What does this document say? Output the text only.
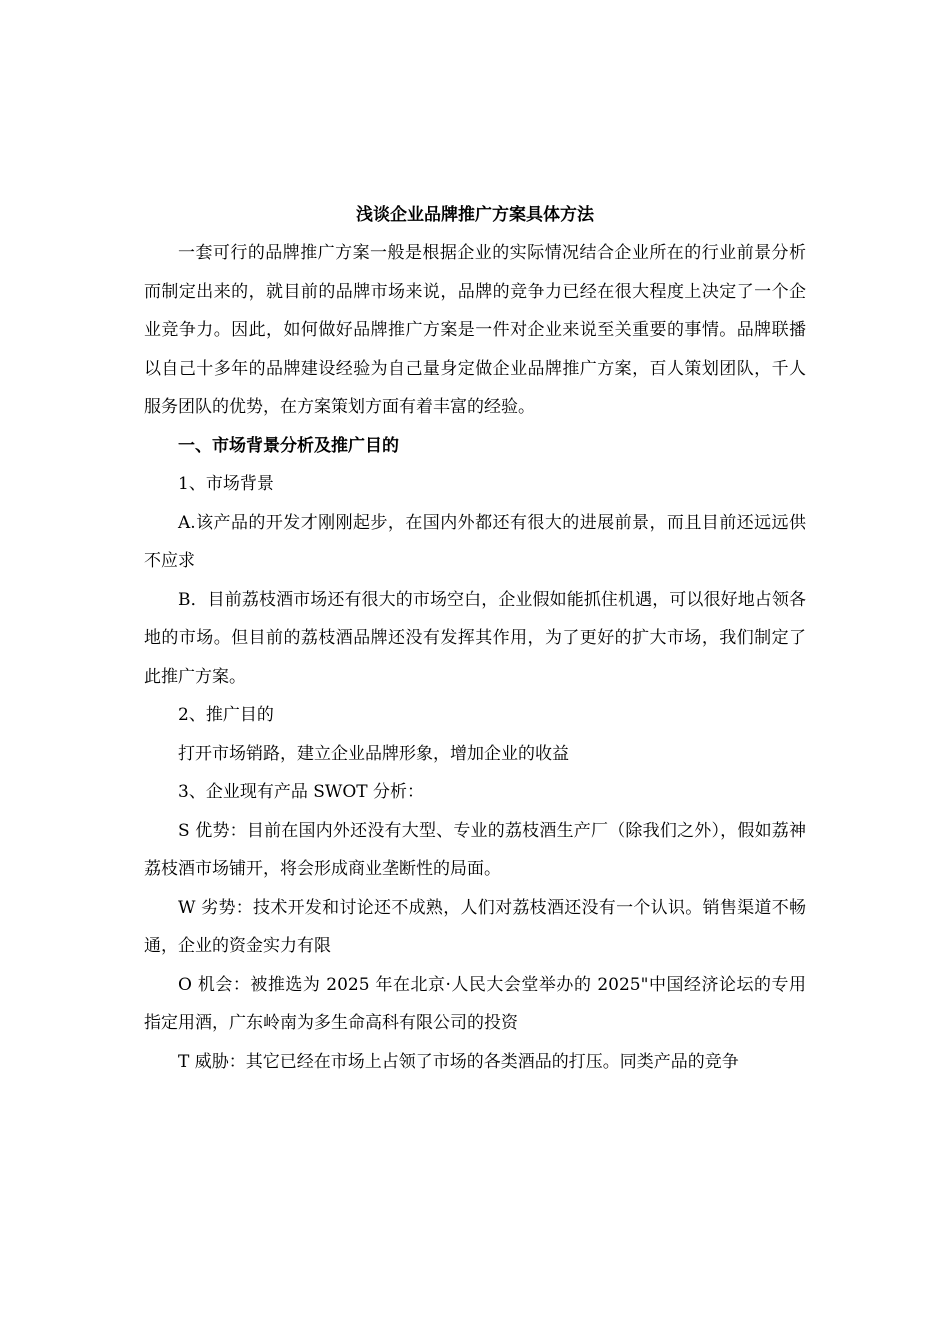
浅谈企业品牌推广方案具体方法

一套可行的品牌推广方案一般是根据企业的实际情况结合企业所在的行业前景分析而制定出来的，就目前的品牌市场来说，品牌的竞争力已经在很大程度上决定了一个企业竞争力。因此，如何做好品牌推广方案是一件对企业来说至关重要的事情。品牌联播以自己十多年的品牌建设经验为自己量身定做企业品牌推广方案，百人策划团队，千人服务团队的优势，在方案策划方面有着丰富的经验。

一、市场背景分析及推广目的

1、市场背景

A.该产品的开发才刚刚起步，在国内外都还有很大的进展前景，而且目前还远远供不应求

B．目前荔枝酒市场还有很大的市场空白，企业假如能抓住机遇，可以很好地占领各地的市场。但目前的荔枝酒品牌还没有发挥其作用，为了更好的扩大市场，我们制定了此推广方案。

2、推广目的

打开市场销路，建立企业品牌形象，增加企业的收益

3、企业现有产品 SWOT 分析：

S 优势：目前在国内外还没有大型、专业的荔枝酒生产厂（除我们之外），假如荔神荔枝酒市场铺开，将会形成商业垄断性的局面。

W 劣势：技术开发和讨论还不成熟，人们对荔枝酒还没有一个认识。销售渠道不畅通，企业的资金实力有限

O 机会：被推选为 2025 年在北京·人民大会堂举办的 2025"中国经济论坛的专用指定用酒，广东岭南为多生命高科有限公司的投资

T 威胁：其它已经在市场上占领了市场的各类酒品的打压。同类产品的竞争
